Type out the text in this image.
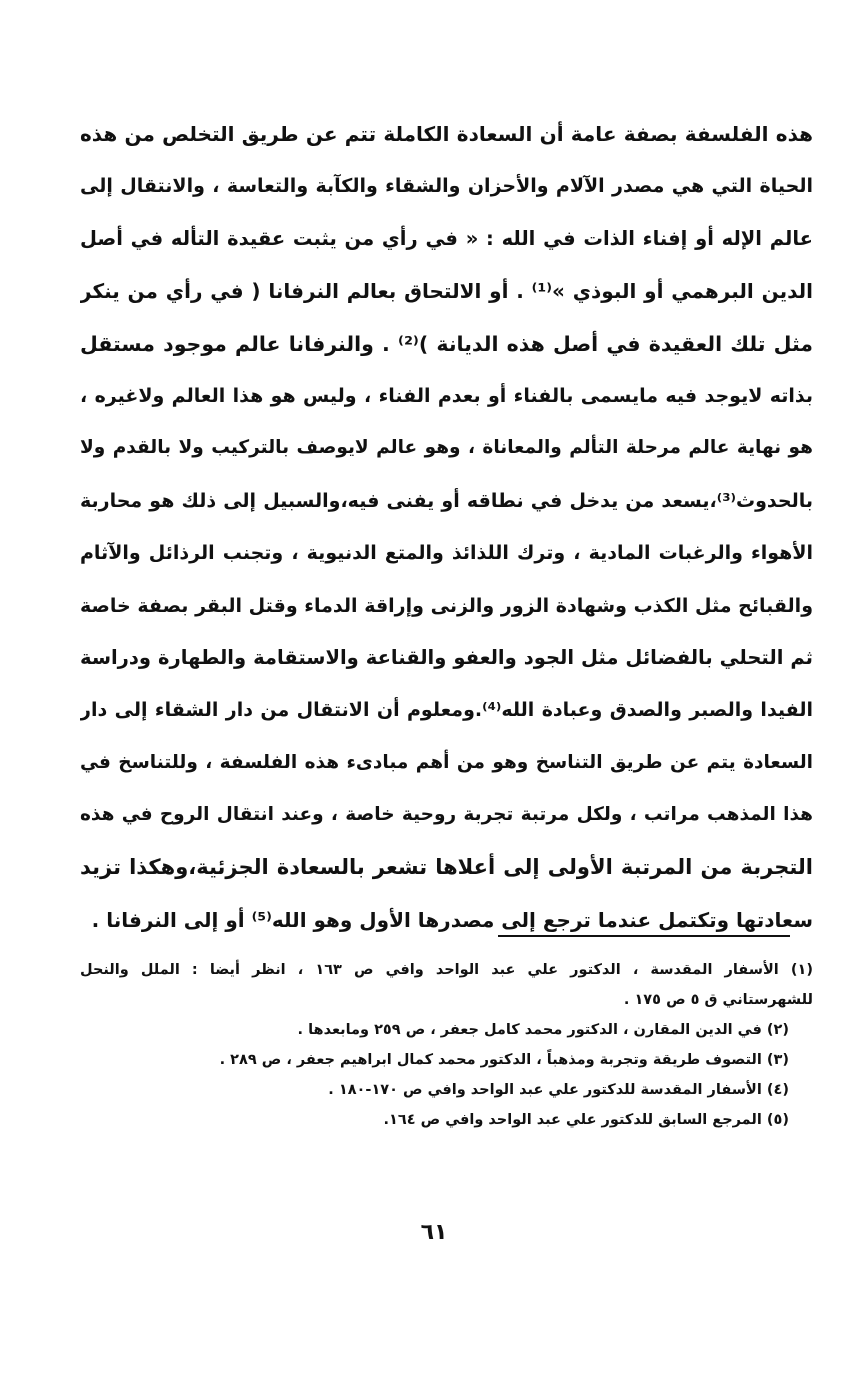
هذه الفلسفة بصفة عامة أن السعادة الكاملة تتم عن طريق التخلص من هذه
الحياة التي هي مصدر الآلام والأحزان والشقاء والكآبة والتعاسة ، والانتقال إلى
عالم الإله أو إفناء الذات في الله : « في رأي من يثبت عقيدة التأله في أصل
الدين البرهمي أو البوذي »⁽¹⁾ . أو الالتحاق بعالم النرفانا ( في رأي من ينكر
مثل تلك العقيدة في أصل هذه الديانة )⁽²⁾ . والنرفانا عالم موجود مستقل
بذاته لايوجد فيه مايسمى بالفناء أو بعدم الفناء ، وليس هو هذا العالم ولاغيره ،
هو نهاية عالم مرحلة التألم والمعاناة ، وهو عالم لايوصف بالتركيب ولا بالقدم ولا
بالحدوث⁽³⁾،يسعد من يدخل في نطاقه أو يفنى فيه،والسبيل إلى ذلك هو محاربة
الأهواء والرغبات المادية ، وترك اللذائذ والمتع الدنيوية ، وتجنب الرذائل والآثام
والقبائح مثل الكذب وشهادة الزور والزنى وإراقة الدماء وقتل البقر بصفة خاصة
ثم التحلي بالفضائل مثل الجود والعفو والقناعة والاستقامة والطهارة ودراسة
الفيدا والصبر والصدق وعبادة الله⁽⁴⁾.ومعلوم أن الانتقال من دار الشقاء إلى دار
السعادة يتم عن طريق التناسخ وهو من أهم مبادىء هذه الفلسفة ، وللتناسخ في
هذا المذهب مراتب ، ولكل مرتبة تجربة روحية خاصة ، وعند انتقال الروح في هذه
التجربة من المرتبة الأولى إلى أعلاها تشعر بالسعادة الجزئية،وهكذا تزيد
سعادتها وتكتمل عندما ترجع إلى مصدرها الأول وهو الله⁽⁵⁾ أو إلى النرفانا .
(١) الأسفار المقدسة ، الدكتور علي عبد الواحد وافي ص ١٦٣ ، انظر أيضا : الملل والنحل
للشهرستاني ق ٥ ص ١٧٥ .
(٢) في الدين المقارن ، الدكتور محمد كامل جعفر ، ص ٢٥٩ ومابعدها .
(٣) التصوف طريقة وتجربة ومذهباً ، الدكتور محمد كمال ابراهيم جعفر ، ص ٢٨٩ .
(٤) الأسفار المقدسة للدكتور علي عبد الواحد وافي ص ١٧٠-١٨٠ .
(٥) المرجع السابق للدكتور علي عبد الواحد وافي ص ١٦٤.
٦١
